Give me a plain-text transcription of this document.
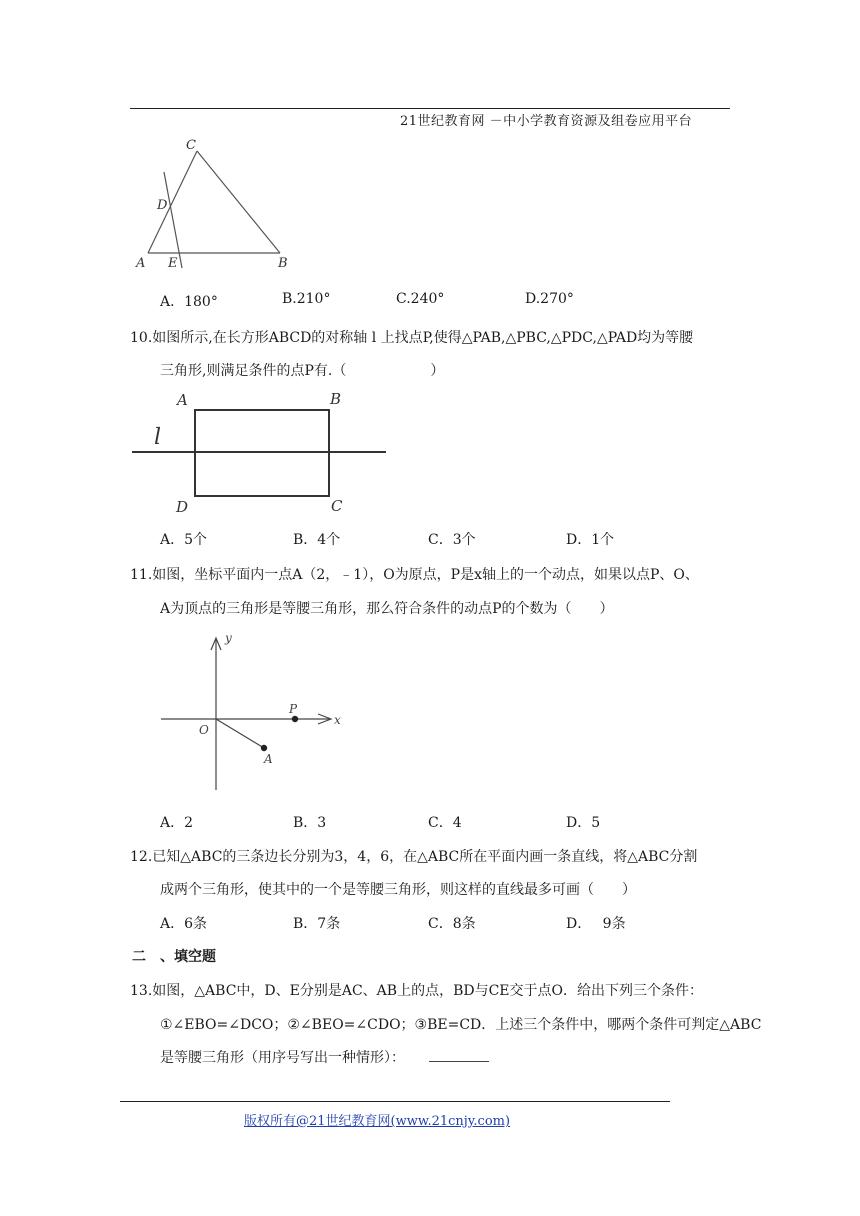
21世纪教育网 －中小学教育资源及组卷应用平台
C
D
A E	B
A．180°	B.210°	C.240°	D.270°
10.如图所示,在长方形ABCD的对称轴 l 上找点P,使得△PAB,△PBC,△PDC,△PAD均为等腰
三角形,则满足条件的点P有.（　　　　　　）
A	B
l
D	C
A．5个	B．4个	C．3个	D．1个
11.如图，坐标平面内一点A（2，﹣1），O为原点，P是x轴上的一个动点，如果以点P、O、
A为顶点的三角形是等腰三角形，那么符合条件的动点P的个数为（　　）
y
x
O
P
A
A．2	B．3	C．4	D．5
12.已知△ABC的三条边长分别为3，4，6，在△ABC所在平面内画一条直线，将△ABC分割
成两个三角形，使其中的一个是等腰三角形，则这样的直线最多可画（　　）
A．6条	B．7条	C．8条	D．　 9条
二　、填空题
13.如图，△ABC中，D、E分别是AC、AB上的点，BD与CE交于点O．给出下列三个条件：
①∠EBO=∠DCO；②∠BEO=∠CDO；③BE=CD．上述三个条件中，哪两个条件可判定△ABC
是等腰三角形（用序号写出一种情形）：
版权所有@21世纪教育网(www.21cnjy.com)
